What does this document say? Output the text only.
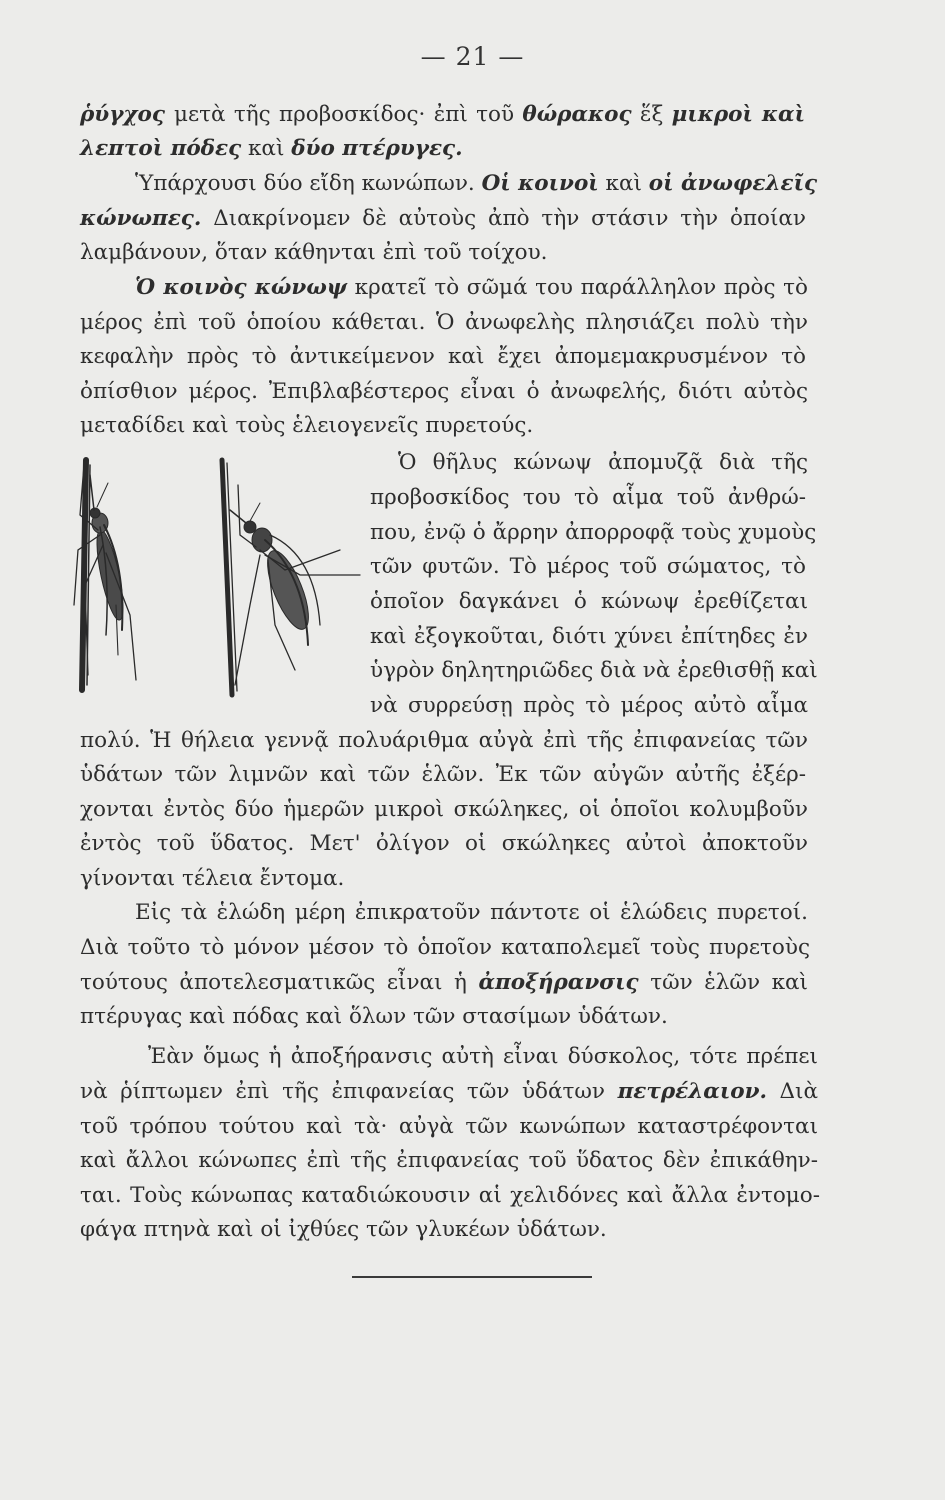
— 21 —
ῥύγχος μετὰ τῆς προβοσκίδος· ἐπὶ τοῦ θώρακος ἕξ μικροὶ καὶ
λεπτοὶ πόδες καὶ δύο πτέρυγες.
Ὑπάρχουσι δύο εἴδη κωνώπων. Οἱ κοινοὶ καὶ οἱ ἀνωφελεῖς
κώνωπες. Διακρίνομεν δὲ αὐτοὺς ἀπὸ τὴν στάσιν τὴν ὁποίαν
λαμβάνουν, ὅταν κάθηνται ἐπὶ τοῦ τοίχου.
Ὁ κοινὸς κώνωψ κρατεῖ τὸ σῶμά του παράλληλον πρὸς τὸ
μέρος ἐπὶ τοῦ ὁποίου κάθεται. Ὁ ἀνωφελὴς πλησιάζει πολὺ τὴν
κεφαλὴν πρὸς τὸ ἀντικείμενον καὶ ἔχει ἀπομεμακρυσμένον τὸ
ὀπίσθιον μέρος. Ἐπιβλαβέστερος εἶναι ὁ ἀνωφελής, διότι αὐτὸς
μεταδίδει καὶ τοὺς ἑλειογενεῖς πυρετούς.
Ὁ θῆλυς κώνωψ ἀπομυζᾷ διὰ τῆς
προβοσκίδος του τὸ αἷμα τοῦ ἀνθρώ-
που, ἐνῷ ὁ ἄρρην ἀπορροφᾷ τοὺς χυμοὺς
τῶν φυτῶν. Τὸ μέρος τοῦ σώματος, τὸ
ὁποῖον δαγκάνει ὁ κώνωψ ἐρεθίζεται
καὶ ἐξογκοῦται, διότι χύνει ἐπίτηδες ἐν
ὑγρὸν δηλητηριῶδες διὰ νὰ ἐρεθισθῇ καὶ
νὰ συρρεύσῃ πρὸς τὸ μέρος αὐτὸ αἷμα
πολύ. Ἡ θήλεια γεννᾷ πολυάριθμα αὐγὰ ἐπὶ τῆς ἐπιφανείας τῶν
ὑδάτων τῶν λιμνῶν καὶ τῶν ἑλῶν. Ἐκ τῶν αὐγῶν αὐτῆς ἐξέρ-
χονται ἐντὸς δύο ἡμερῶν μικροὶ σκώληκες, οἱ ὁποῖοι κολυμβοῦν
ἐντὸς τοῦ ὕδατος. Μετ' ὀλίγον οἱ σκώληκες αὐτοὶ ἀποκτοῦν
γίνονται τέλεια ἔντομα.
Εἰς τὰ ἑλώδη μέρη ἐπικρατοῦν πάντοτε οἱ ἑλώδεις πυρετοί.
Διὰ τοῦτο τὸ μόνον μέσον τὸ ὁποῖον καταπολεμεῖ τοὺς πυρετοὺς
τούτους ἀποτελεσματικῶς εἶναι ἡ ἀποξήρανσις τῶν ἑλῶν καὶ
πτέρυγας καὶ πόδας καὶ ὅλων τῶν στασίμων ὑδάτων.
Ἐὰν ὅμως ἡ ἀποξήρανσις αὐτὴ εἶναι δύσκολος, τότε πρέπει
νὰ ῥίπτωμεν ἐπὶ τῆς ἐπιφανείας τῶν ὑδάτων πετρέλαιον. Διὰ
τοῦ τρόπου τούτου καὶ τὰ· αὐγὰ τῶν κωνώπων καταστρέφονται
καὶ ἄλλοι κώνωπες ἐπὶ τῆς ἐπιφανείας τοῦ ὕδατος δὲν ἐπικάθην-
ται. Τοὺς κώνωπας καταδιώκουσιν αἱ χελιδόνες καὶ ἄλλα ἐντομο-
φάγα πτηνὰ καὶ οἱ ἰχθύες τῶν γλυκέων ὑδάτων.
